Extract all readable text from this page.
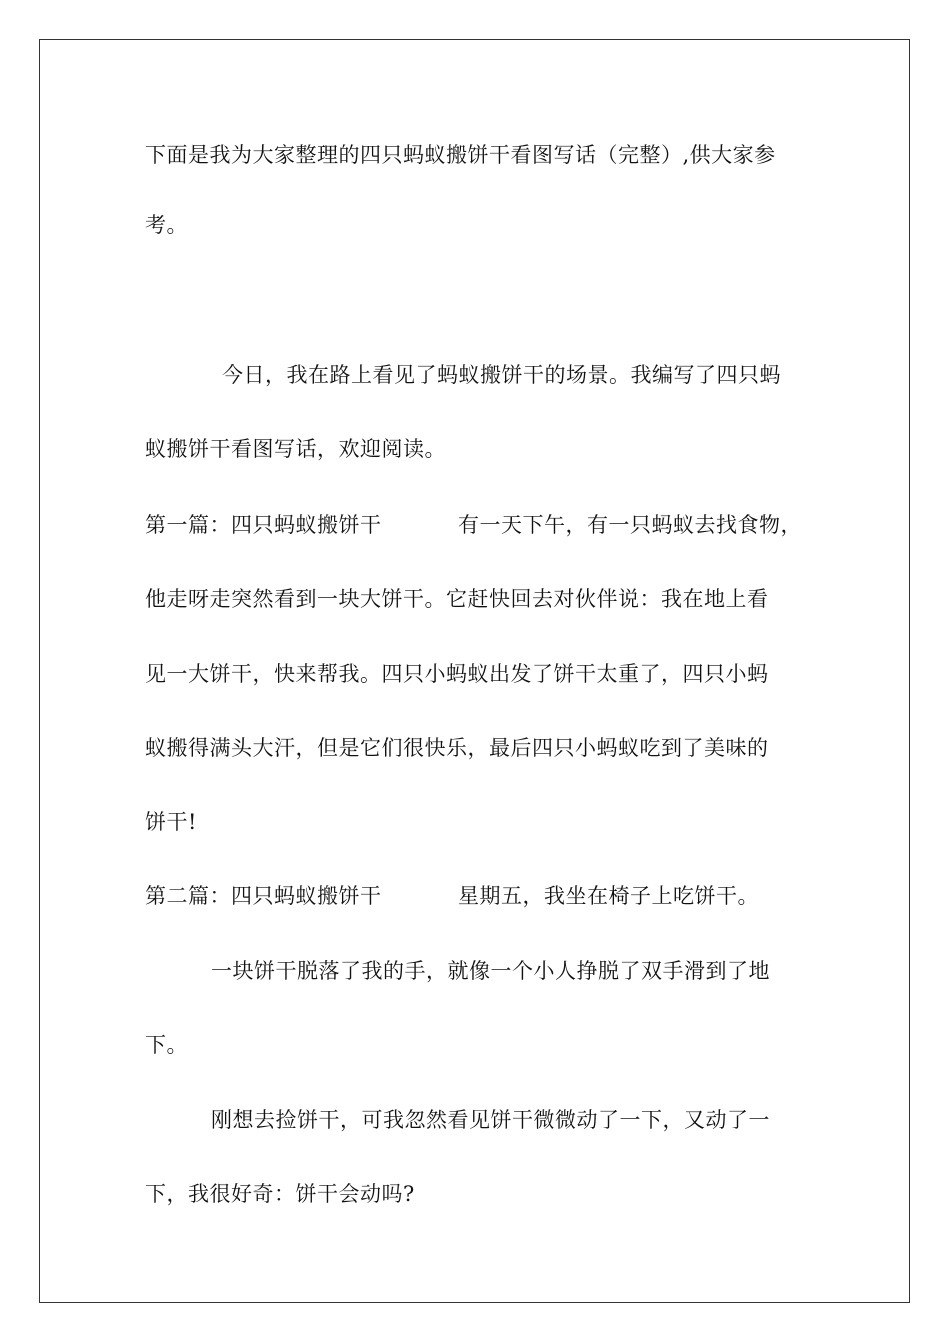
下面是我为大家整理的四只蚂蚁搬饼干看图写话（完整）,供大家参
考。
今日，我在路上看见了蚂蚁搬饼干的场景。我编写了四只蚂
蚁搬饼干看图写话，欢迎阅读。
第一篇：四只蚂蚁搬饼干	有一天下午，有一只蚂蚁去找食物，
他走呀走突然看到一块大饼干。它赶快回去对伙伴说：我在地上看
见一大饼干，快来帮我。四只小蚂蚁出发了饼干太重了，四只小蚂
蚁搬得满头大汗，但是它们很快乐，最后四只小蚂蚁吃到了美味的
饼干!
第二篇：四只蚂蚁搬饼干	星期五，我坐在椅子上吃饼干。
一块饼干脱落了我的手，就像一个小人挣脱了双手滑到了地
下。
刚想去捡饼干，可我忽然看见饼干微微动了一下，又动了一
下，我很好奇：饼干会动吗?
